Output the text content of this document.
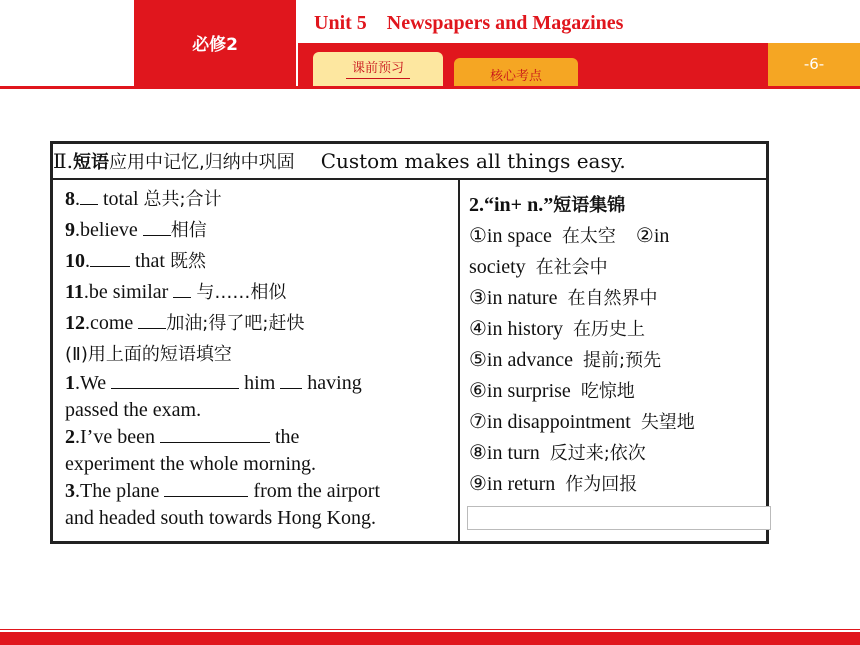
必修2
Unit 5    Newspapers and Magazines
课前预习
核心考点
-6-
Ⅱ.短语应用中记忆,归纳中巩固 Custom makes all things easy.
8. total 总共;合计
9.believe 相信
10. that 既然
11.be similar  与……相似
12.come 加油;得了吧;赶快
(Ⅱ)用上面的短语填空
1.We	him  having
passed the exam.
2.I’ve been	the
experiment the whole morning.
3.The plane	from the airport
and headed south towards Hong Kong.
2.“in+ n.”短语集锦
①in space 在太空 ②in
society 在社会中
③in nature 在自然界中
④in history 在历史上
⑤in advance 提前;预先
⑥in surprise 吃惊地
⑦in disappointment 失望地
⑧in turn 反过来;依次
⑨in return 作为回报
